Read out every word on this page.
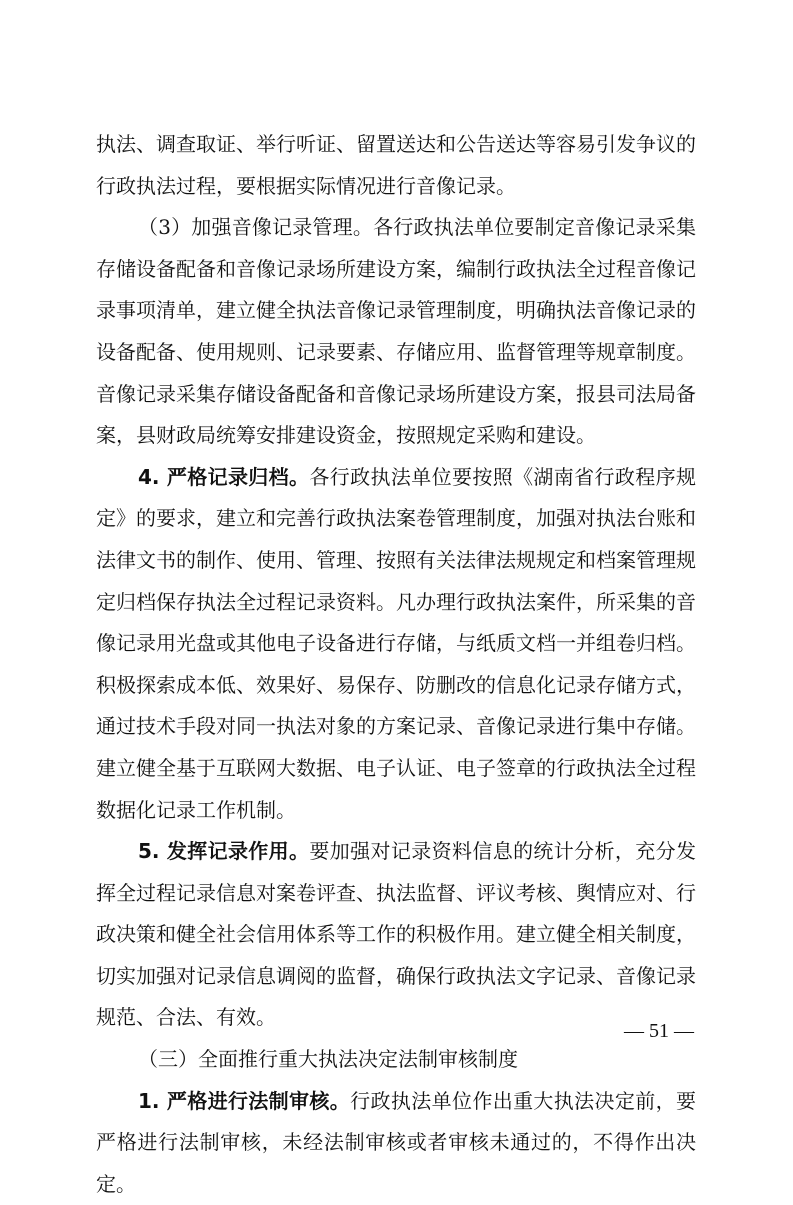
执法、调查取证、举行听证、留置送达和公告送达等容易引发争议的行政执法过程，要根据实际情况进行音像记录。

（3）加强音像记录管理。各行政执法单位要制定音像记录采集存储设备配备和音像记录场所建设方案，编制行政执法全过程音像记录事项清单，建立健全执法音像记录管理制度，明确执法音像记录的设备配备、使用规则、记录要素、存储应用、监督管理等规章制度。音像记录采集存储设备配备和音像记录场所建设方案，报县司法局备案，县财政局统筹安排建设资金，按照规定采购和建设。

4. 严格记录归档。各行政执法单位要按照《湖南省行政程序规定》的要求，建立和完善行政执法案卷管理制度，加强对执法台账和法律文书的制作、使用、管理、按照有关法律法规规定和档案管理规定归档保存执法全过程记录资料。凡办理行政执法案件，所采集的音像记录用光盘或其他电子设备进行存储，与纸质文档一并组卷归档。积极探索成本低、效果好、易保存、防删改的信息化记录存储方式，通过技术手段对同一执法对象的方案记录、音像记录进行集中存储。建立健全基于互联网大数据、电子认证、电子签章的行政执法全过程数据化记录工作机制。

5. 发挥记录作用。要加强对记录资料信息的统计分析，充分发挥全过程记录信息对案卷评查、执法监督、评议考核、舆情应对、行政决策和健全社会信用体系等工作的积极作用。建立健全相关制度，切实加强对记录信息调阅的监督，确保行政执法文字记录、音像记录规范、合法、有效。

（三）全面推行重大执法决定法制审核制度

1. 严格进行法制审核。行政执法单位作出重大执法决定前，要严格进行法制审核，未经法制审核或者审核未通过的，不得作出决定。

— 51 —
